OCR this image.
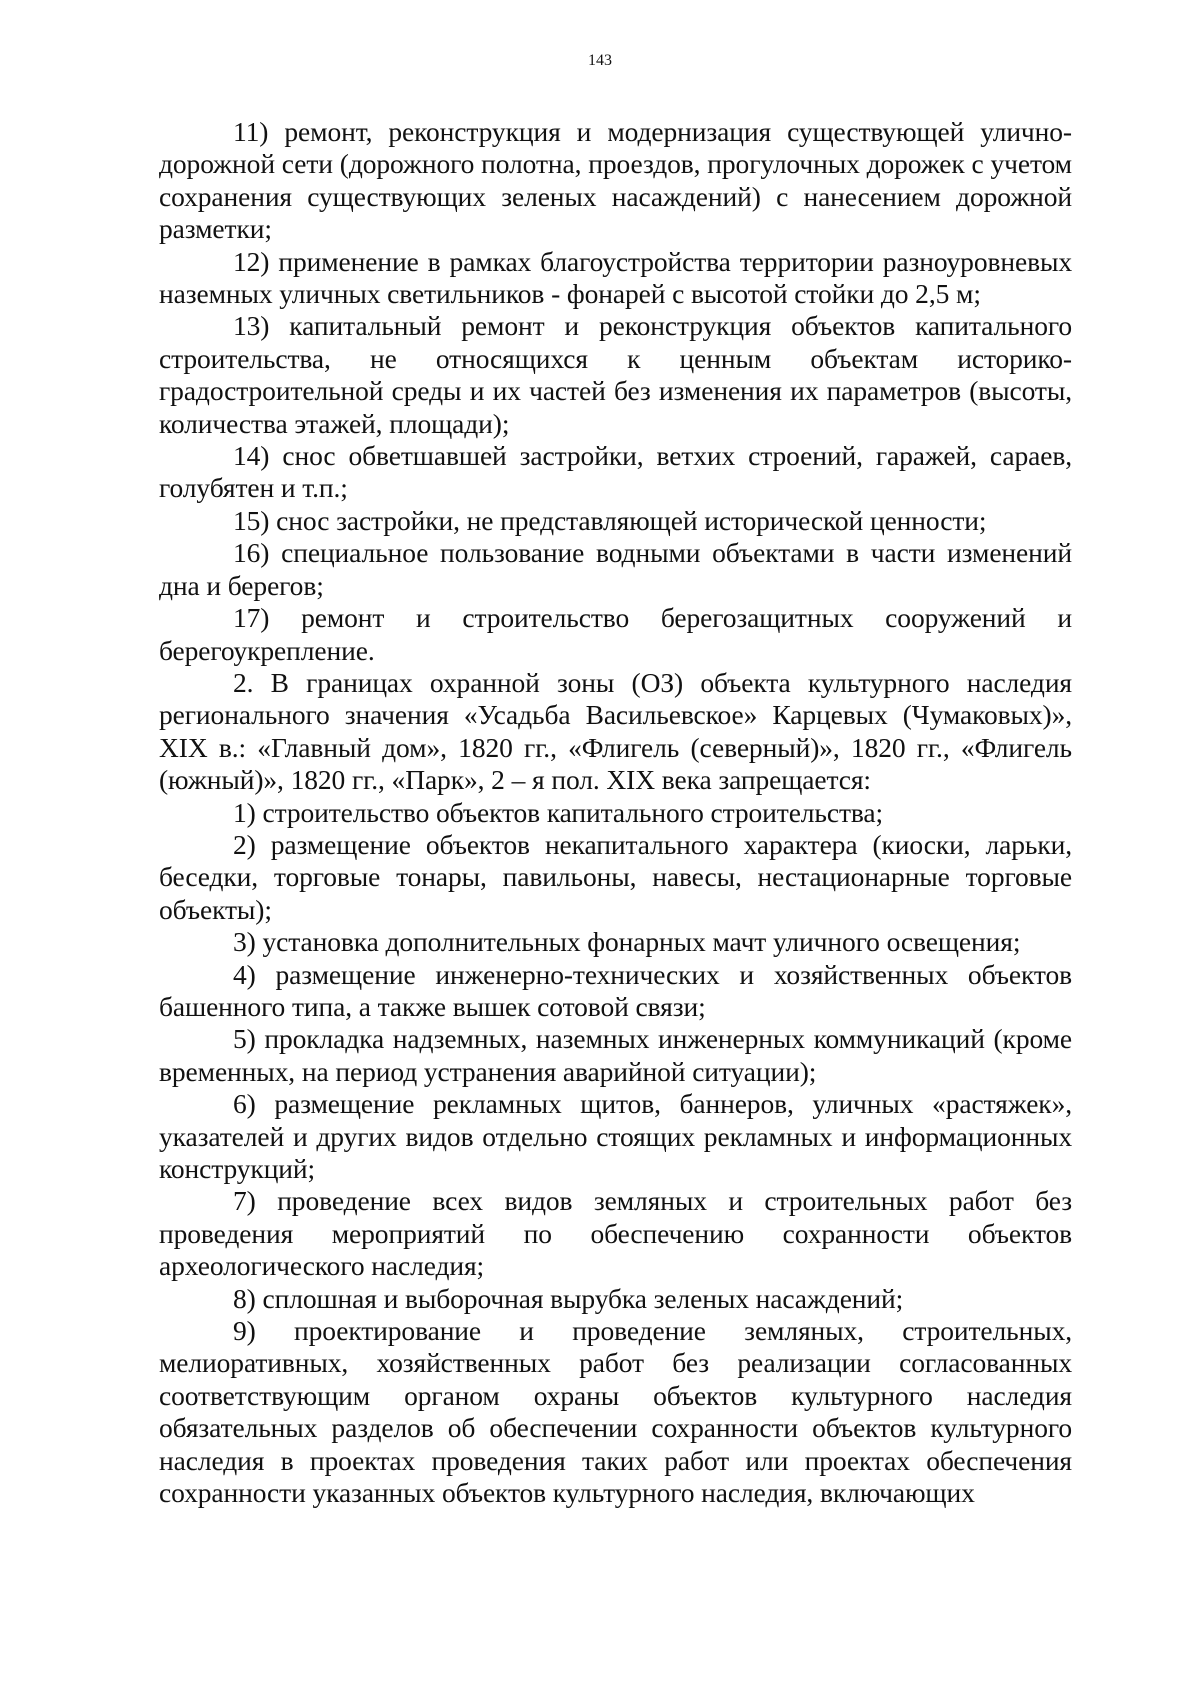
143

11) ремонт, реконструкция и модернизация существующей улично-дорожной сети (дорожного полотна, проездов, прогулочных дорожек с учетом сохранения существующих зеленых насаждений) с нанесением дорожной разметки;

12) применение в рамках благоустройства территории разноуровневых наземных уличных светильников - фонарей с высотой стойки до 2,5 м;

13) капитальный ремонт и реконструкция объектов капитального строительства, не относящихся к ценным объектам историко-градостроительной среды и их частей без изменения их параметров (высоты, количества этажей, площади);

14) снос обветшавшей застройки, ветхих строений, гаражей, сараев, голубятен и т.п.;

15) снос застройки, не представляющей исторической ценности;

16) специальное пользование водными объектами в части изменений дна и берегов;

17) ремонт и строительство берегозащитных сооружений и берегоукрепление.

2. В границах охранной зоны (ОЗ) объекта культурного наследия регионального значения «Усадьба Васильевское» Карцевых (Чумаковых)», XIX в.: «Главный дом», 1820 гг., «Флигель (северный)», 1820 гг., «Флигель (южный)», 1820 гг., «Парк», 2 – я пол. XIX века запрещается:

1) строительство объектов капитального строительства;

2) размещение объектов некапитального характера (киоски, ларьки, беседки, торговые тонары, павильоны, навесы, нестационарные торговые объекты);

3) установка дополнительных фонарных мачт уличного освещения;

4) размещение инженерно-технических и хозяйственных объектов башенного типа, а также вышек сотовой связи;

5) прокладка надземных, наземных инженерных коммуникаций (кроме временных, на период устранения аварийной ситуации);

6) размещение рекламных щитов, баннеров, уличных «растяжек», указателей и других видов отдельно стоящих рекламных и информационных конструкций;

7) проведение всех видов земляных и строительных работ без проведения мероприятий по обеспечению сохранности объектов археологического наследия;

8) сплошная и выборочная вырубка зеленых насаждений;

9) проектирование и проведение земляных, строительных, мелиоративных, хозяйственных работ без реализации согласованных соответствующим органом охраны объектов культурного наследия обязательных разделов об обеспечении сохранности объектов культурного наследия в проектах проведения таких работ или проектах обеспечения сохранности указанных объектов культурного наследия, включающих
